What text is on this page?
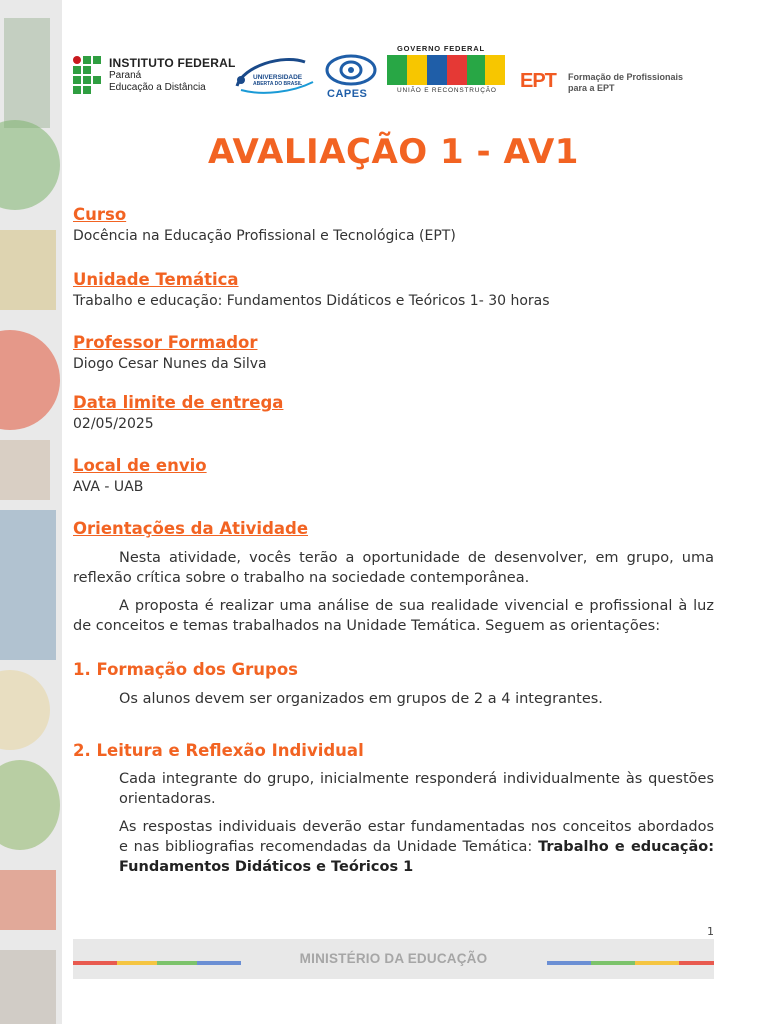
INSTITUTO FEDERAL
Paraná
Educação a Distância
UNIVERSIDADE
ABERTA DO BRASIL
CAPES
GOVERNO FEDERAL
UNIÃO E RECONSTRUÇÃO EPT Formação de Profissionais
para a EPT
AVALIAÇÃO 1 - AV1
Curso
Docência na Educação Profissional e Tecnológica (EPT)
Unidade Temática
Trabalho e educação: Fundamentos Didáticos e Teóricos 1- 30 horas
Professor Formador
Diogo Cesar Nunes da Silva
Data limite de entrega
02/05/2025
Local de envio
AVA - UAB
Orientações da Atividade
Nesta atividade, vocês terão a oportunidade de desenvolver, em grupo, uma reflexão crítica sobre o trabalho na sociedade contemporânea.
A proposta é realizar uma análise de sua realidade vivencial e profissional à luz de conceitos e temas trabalhados na Unidade Temática. Seguem as orientações:
1. Formação dos Grupos
Os alunos devem ser organizados em grupos de 2 a 4 integrantes.
2. Leitura e Reflexão Individual
Cada integrante do grupo, inicialmente responderá individualmente às questões orientadoras.
As respostas individuais deverão estar fundamentadas nos conceitos abordados e nas bibliografias recomendadas da Unidade Temática: Trabalho e educação: Fundamentos Didáticos e Teóricos 1
1
MINISTÉRIO DA EDUCAÇÃO
